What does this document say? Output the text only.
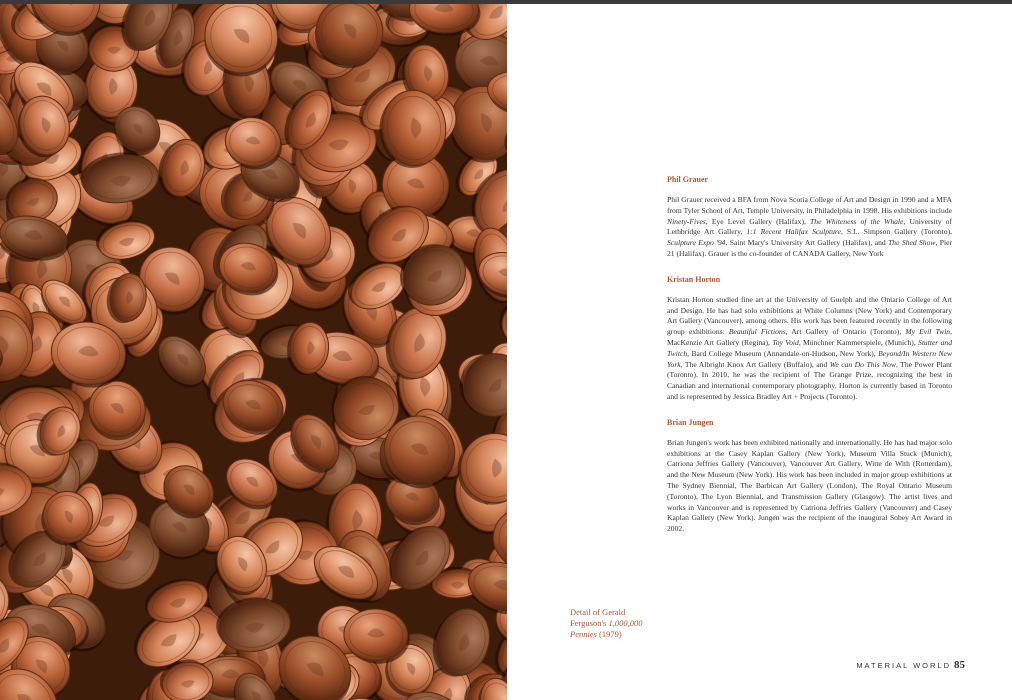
Detail of Gerald
Ferguson's 1,000,000
Pennies (1979)

Phil Grauer

Phil Grauer received a BFA from Nova Scotia College of Art and Design in 1990 and a MFA from Tyler School of Art, Temple University, in Philadelphia in 1998. His exhibitions include Ninety-Fives, Eye Level Gallery (Halifax), The Whiteness of the Whale, University of Lethbridge Art Gallery, 1:1 Recent Halifax Sculpture, S.L. Simpson Gallery (Toronto), Sculpture Expo '94, Saint Mary's University Art Gallery (Halifax), and The Shed Show, Pier 21 (Halifax). Grauer is the co-founder of CANADA Gallery, New York

Kristan Horton

Kristan Horton studied fine art at the University of Guelph and the Ontario College of Art and Design. He has had solo exhibitions at White Columns (New York) and Contemporary Art Gallery (Vancouver), among others. His work has been featured recently in the following group exhibitions: Beautiful Fictions, Art Gallery of Ontario (Toronto), My Evil Twin, MacKenzie Art Gallery (Regina), Toy Void, Münchner Kammerspiele, (Munich), Stutter and Twitch, Bard College Museum (Annandale-on-Hudson, New York), Beyond/In Western New York, The Albright Knox Art Gallery (Buffalo), and We can Do This Now, The Power Plant (Toronto). In 2010, he was the recipient of The Grange Prize, recognizing the best in Canadian and international contemporary photography. Horton is currently based in Toronto and is represented by Jessica Bradley Art + Projects (Toronto).

Brian Jungen

Brian Jungen's work has been exhibited nationally and internationally. He has had major solo exhibitions at the Casey Kaplan Gallery (New York), Museum Villa Stuck (Munich), Catriona Jeffries Gallery (Vancouver), Vancouver Art Gallery, Witte de With (Rotterdam), and the New Museum (New York). His work has been included in major group exhibitions at The Sydney Biennial, The Barbican Art Gallery (London), The Royal Ontario Museum (Toronto), The Lyon Biennial, and Transmission Gallery (Glasgow). The artist lives and works in Vancouver and is represented by Catriona Jeffries Gallery (Vancouver) and Casey Kaplan Gallery (New York). Jungen was the recipient of the inaugural Sobey Art Award in 2002.

MATERIAL WORLD 85
